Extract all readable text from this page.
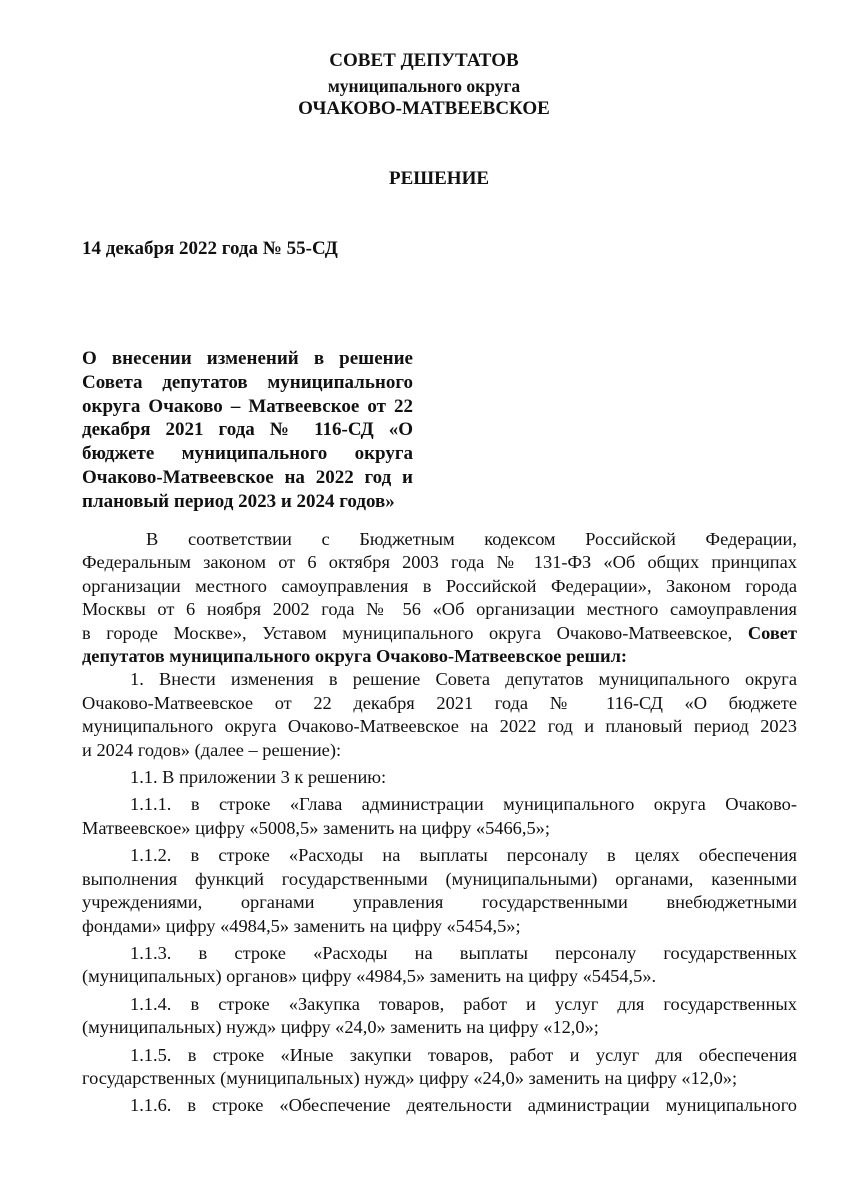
СОВЕТ ДЕПУТАТОВ
муниципального округа
ОЧАКОВО-МАТВЕЕВСКОЕ
РЕШЕНИЕ
14 декабря 2022 года № 55-СД
О внесении изменений в решение
Совета депутатов муниципального
округа Очаково – Матвеевское от 22
декабря 2021 года № 116-СД «О
бюджете муниципального округа
Очаково-Матвеевское на 2022 год и
плановый период 2023 и 2024 годов»
В соответствии с Бюджетным кодексом Российской Федерации,
Федеральным законом от 6 октября 2003 года № 131-ФЗ «Об общих принципах
организации местного самоуправления в Российской Федерации», Законом города
Москвы от 6 ноября 2002 года № 56 «Об организации местного самоуправления
в городе Москве», Уставом муниципального округа Очаково-Матвеевское, Совет
депутатов муниципального округа Очаково-Матвеевское решил:
1. Внести изменения в решение Совета депутатов муниципального округа
Очаково-Матвеевское от 22 декабря 2021 года № 116-СД «О бюджете
муниципального округа Очаково-Матвеевское на 2022 год и плановый период 2023
и 2024 годов» (далее – решение):
1.1. В приложении 3 к решению:
1.1.1. в строке «Глава администрации муниципального округа Очаково-
Матвеевское» цифру «5008,5» заменить на цифру «5466,5»;
1.1.2. в строке «Расходы на выплаты персоналу в целях обеспечения
выполнения функций государственными (муниципальными) органами, казенными
учреждениями, органами управления государственными внебюджетными
фондами» цифру «4984,5» заменить на цифру «5454,5»;
1.1.3. в строке «Расходы на выплаты персоналу государственных
(муниципальных) органов» цифру «4984,5» заменить на цифру «5454,5».
1.1.4. в строке «Закупка товаров, работ и услуг для государственных
(муниципальных) нужд» цифру «24,0» заменить на цифру «12,0»;
1.1.5. в строке «Иные закупки товаров, работ и услуг для обеспечения
государственных (муниципальных) нужд» цифру «24,0» заменить на цифру «12,0»;
1.1.6. в строке «Обеспечение деятельности администрации муниципального
